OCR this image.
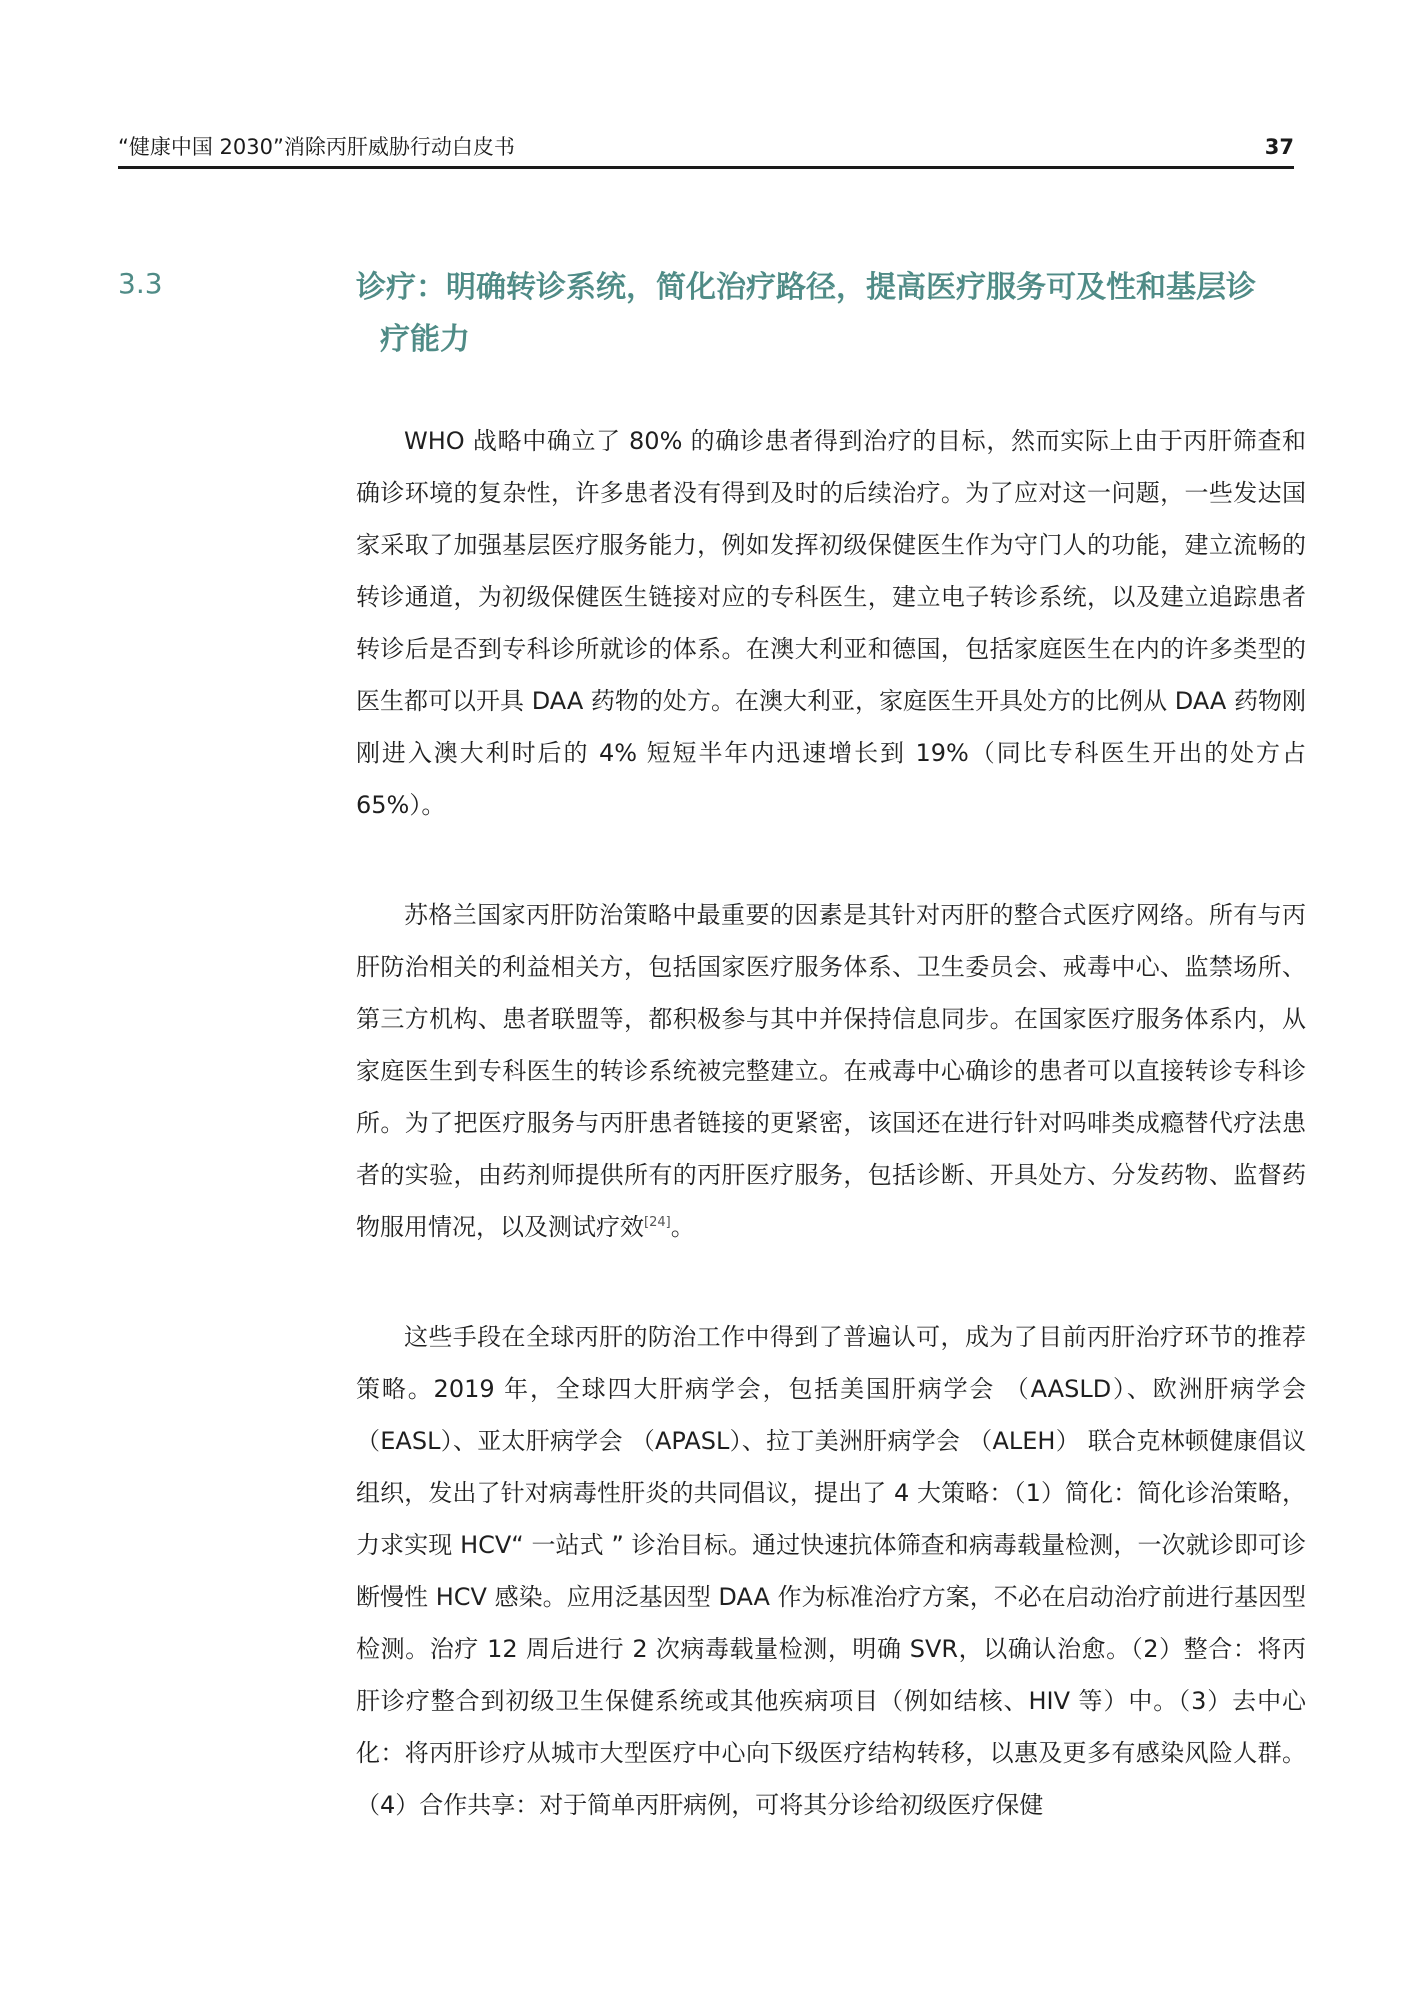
“健康中国 2030”消除丙肝威胁行动白皮书	37
3.3	诊疗：明确转诊系统，简化治疗路径，提高医疗服务可及性和基层诊
疗能力

WHO 战略中确立了 80% 的确诊患者得到治疗的目标，然而实际上由于丙肝筛查和确诊环境的复杂性，许多患者没有得到及时的后续治疗。为了应对这一问题，一些发达国家采取了加强基层医疗服务能力，例如发挥初级保健医生作为守门人的功能，建立流畅的转诊通道，为初级保健医生链接对应的专科医生，建立电子转诊系统，以及建立追踪患者转诊后是否到专科诊所就诊的体系。在澳大利亚和德国，包括家庭医生在内的许多类型的医生都可以开具 DAA 药物的处方。在澳大利亚，家庭医生开具处方的比例从 DAA 药物刚刚进入澳大利时后的 4% 短短半年内迅速增长到 19%（同比专科医生开出的处方占 65%）。

苏格兰国家丙肝防治策略中最重要的因素是其针对丙肝的整合式医疗网络。所有与丙肝防治相关的利益相关方，包括国家医疗服务体系、卫生委员会、戒毒中心、监禁场所、第三方机构、患者联盟等，都积极参与其中并保持信息同步。在国家医疗服务体系内，从家庭医生到专科医生的转诊系统被完整建立。在戒毒中心确诊的患者可以直接转诊专科诊所。为了把医疗服务与丙肝患者链接的更紧密，该国还在进行针对吗啡类成瘾替代疗法患者的实验，由药剂师提供所有的丙肝医疗服务，包括诊断、开具处方、分发药物、监督药物服用情况，以及测试疗效[24]。

这些手段在全球丙肝的防治工作中得到了普遍认可，成为了目前丙肝治疗环节的推荐策略。2019 年，全球四大肝病学会，包括美国肝病学会 （AASLD）、欧洲肝病学会 （EASL）、亚太肝病学会 （APASL）、拉丁美洲肝病学会 （ALEH） 联合克林顿健康倡议组织，发出了针对病毒性肝炎的共同倡议，提出了 4 大策略：（1）简化：简化诊治策略，力求实现 HCV“ 一站式 ” 诊治目标。通过快速抗体筛查和病毒载量检测，一次就诊即可诊断慢性 HCV 感染。应用泛基因型 DAA 作为标准治疗方案，不必在启动治疗前进行基因型检测。治疗 12 周后进行 2 次病毒载量检测，明确 SVR，以确认治愈。（2）整合：将丙肝诊疗整合到初级卫生保健系统或其他疾病项目（例如结核、HIV 等）中。（3）去中心化：将丙肝诊疗从城市大型医疗中心向下级医疗结构转移，以惠及更多有感染风险人群。（4）合作共享：对于简单丙肝病例，可将其分诊给初级医疗保健
